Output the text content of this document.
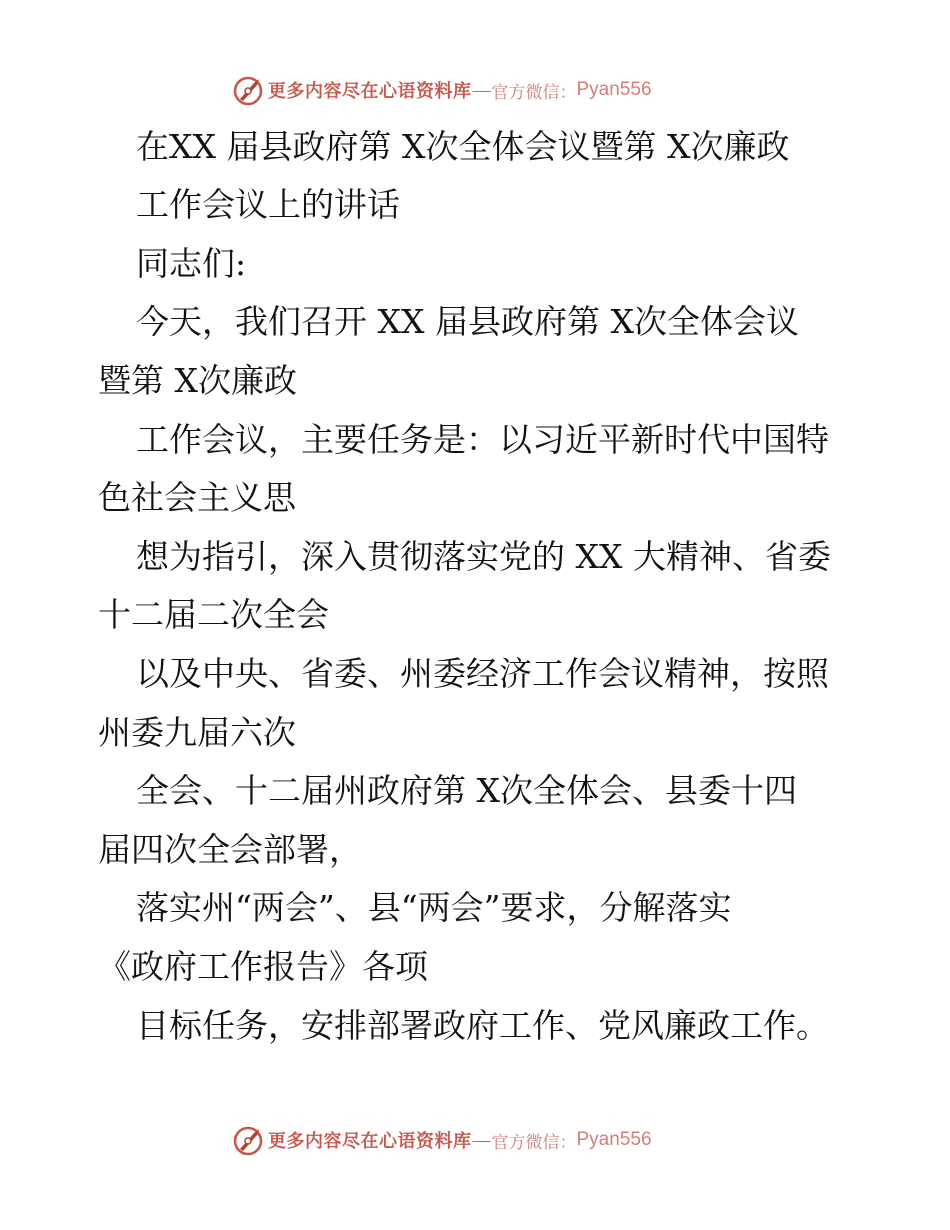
更多内容尽在心语资料库 — 官方微信： Pyan556
在XX 届县政府第 X次全体会议暨第 X次廉政
工作会议上的讲话
同志们:
今天，我们召开 XX 届县政府第 X次全体会议
暨第 X次廉政
工作会议，主要任务是：以习近平新时代中国特
色社会主义思
想为指引，深入贯彻落实党的 XX 大精神、省委
十二届二次全会
以及中央、省委、州委经济工作会议精神，按照
州委九届六次
全会、十二届州政府第 X次全体会、县委十四
届四次全会部署，
落实州“两会”、县“两会”要求，分解落实
《政府工作报告》各项
目标任务，安排部署政府工作、党风廉政工作。
更多内容尽在心语资料库 — 官方微信： Pyan556
